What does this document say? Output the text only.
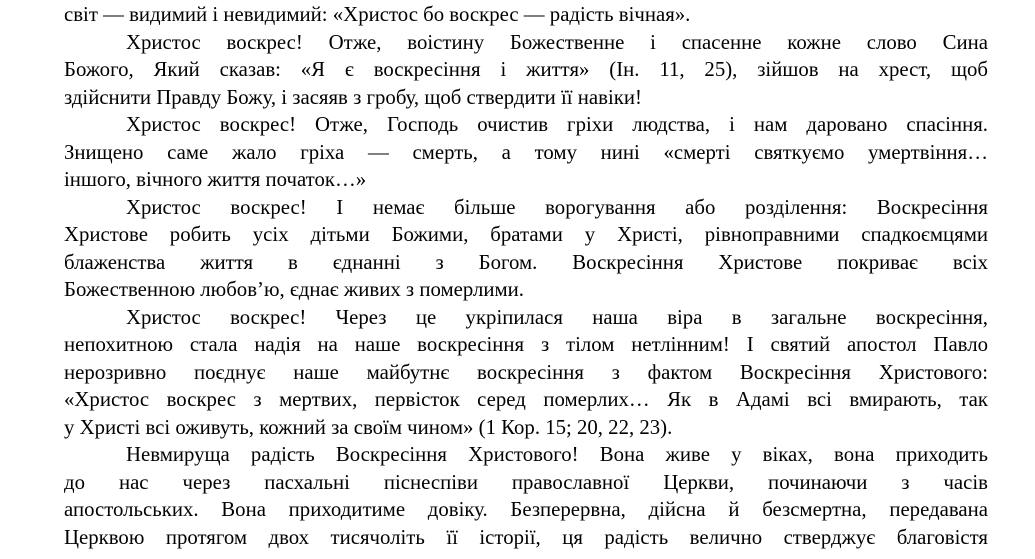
світ — видимий і невидимий: «Христос бо воскрес — радість вічная».
Христос воскрес! Отже, воістину Божественне і спасенне кожне слово Сина
Божого, Який сказав: «Я є воскресіння і життя» (Ін. 11, 25), зійшов на хрест, щоб
здійснити Правду Божу, і засяяв з гробу, щоб ствердити її навіки!
Христос воскрес! Отже, Господь очистив гріхи людства, і нам даровано спасіння.
Знищено саме жало гріха — смерть, а тому нині «смерті святкуємо умертвіння…
іншого, вічного життя початок…»
Христос воскрес! І немає більше ворогування або розділення: Воскресіння
Христове робить усіх дітьми Божими, братами у Христі, рівноправними спадкоємцями
блаженства життя в єднанні з Богом. Воскресіння Христове покриває всіх
Божественною любов’ю, єднає живих з померлими.
Христос воскрес! Через це укріпилася наша віра в загальне воскресіння,
непохитною стала надія на наше воскресіння з тілом нетлінним! І святий апостол Павло
нерозривно поєднує наше майбутнє воскресіння з фактом Воскресіння Христового:
«Христос воскрес з мертвих, первісток серед померлих… Як в Адамі всі вмирають, так
у Христі всі оживуть, кожний за своїм чином» (1 Кор. 15; 20, 22, 23).
Невмируща радість Воскресіння Христового! Вона живе у віках, вона приходить
до нас через пасхальні піснеспіви православної Церкви, починаючи з часів
апостольських. Вона приходитиме довіку. Безперервна, дійсна й безсмертна, передавана
Церквою протягом двох тисячоліть її історії, ця радість велично стверджує благовістя
